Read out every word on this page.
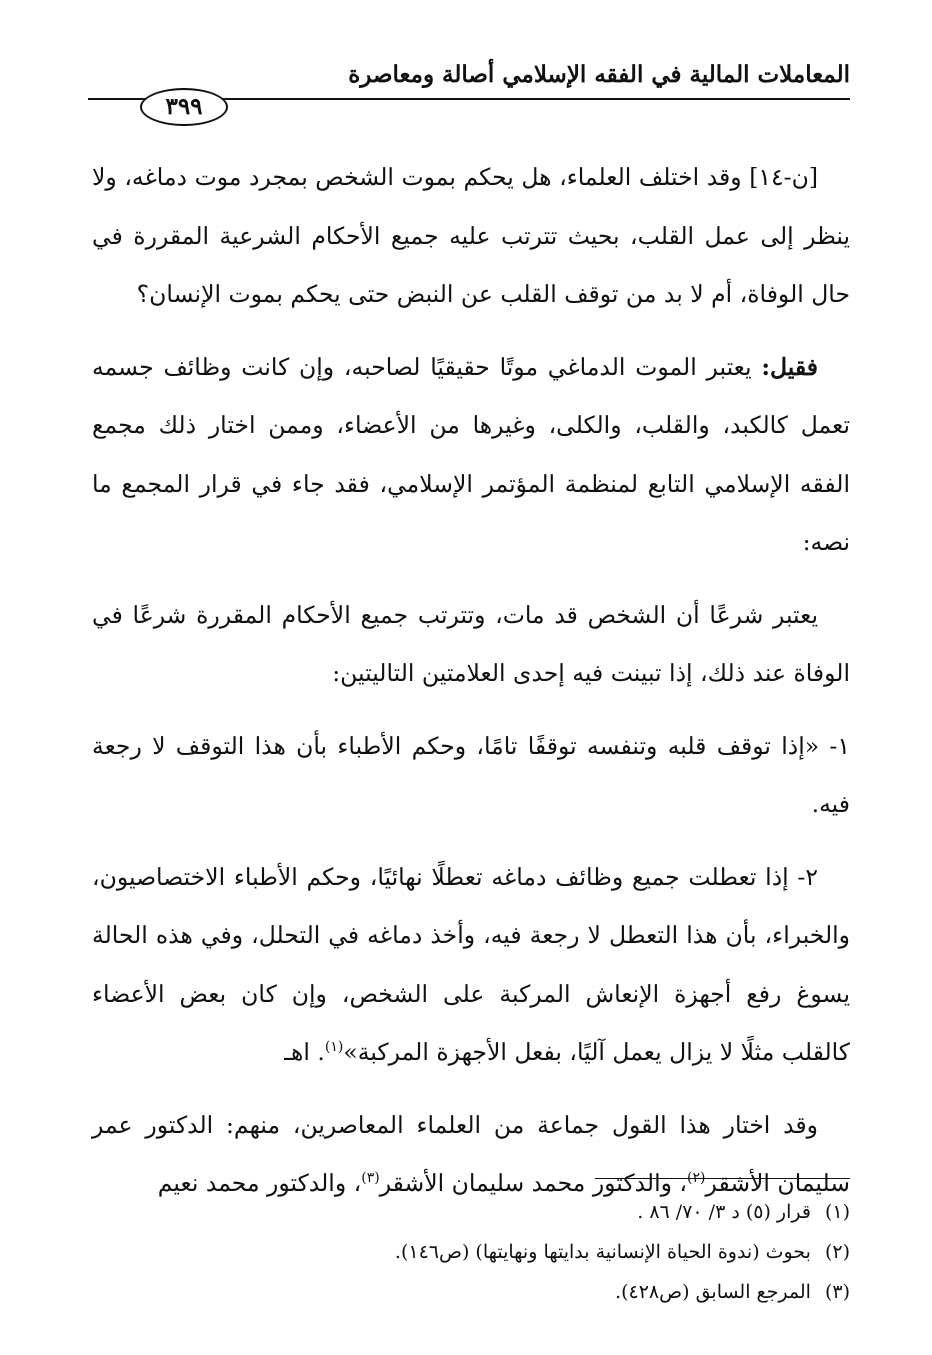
المعاملات المالية في الفقه الإسلامي أصالة ومعاصرة
٣٩٩

[ن-١٤] وقد اختلف العلماء، هل يحكم بموت الشخص بمجرد موت دماغه، ولا ينظر إلى عمل القلب، بحيث تترتب عليه جميع الأحكام الشرعية المقررة في حال الوفاة، أم لا بد من توقف القلب عن النبض حتى يحكم بموت الإنسان؟

فقيل: يعتبر الموت الدماغي موتًا حقيقيًا لصاحبه، وإن كانت وظائف جسمه تعمل كالكبد، والقلب، والكلى، وغيرها من الأعضاء، وممن اختار ذلك مجمع الفقه الإسلامي التابع لمنظمة المؤتمر الإسلامي، فقد جاء في قرار المجمع ما نصه:

يعتبر شرعًا أن الشخص قد مات، وتترتب جميع الأحكام المقررة شرعًا في الوفاة عند ذلك، إذا تبينت فيه إحدى العلامتين التاليتين:

١- «إذا توقف قلبه وتنفسه توقفًا تامًا، وحكم الأطباء بأن هذا التوقف لا رجعة فيه.

٢- إذا تعطلت جميع وظائف دماغه تعطلًا نهائيًا، وحكم الأطباء الاختصاصيون، والخبراء، بأن هذا التعطل لا رجعة فيه، وأخذ دماغه في التحلل، وفي هذه الحالة يسوغ رفع أجهزة الإنعاش المركبة على الشخص، وإن كان بعض الأعضاء كالقلب مثلًا لا يزال يعمل آليًا، بفعل الأجهزة المركبة»$^{(١)}$. اهـ

وقد اختار هذا القول جماعة من العلماء المعاصرين، منهم: الدكتور عمر سليمان الأشقر$^{(٢)}$، والدكتور محمد سليمان الأشقر$^{(٣)}$، والدكتور محمد نعيم

(١)قرار (٥) د ٣/ ٧٠/ ٨٦ .
(٢)بحوث (ندوة الحياة الإنسانية بدايتها ونهايتها) (ص١٤٦).
(٣)المرجع السابق (ص٤٢٨).
